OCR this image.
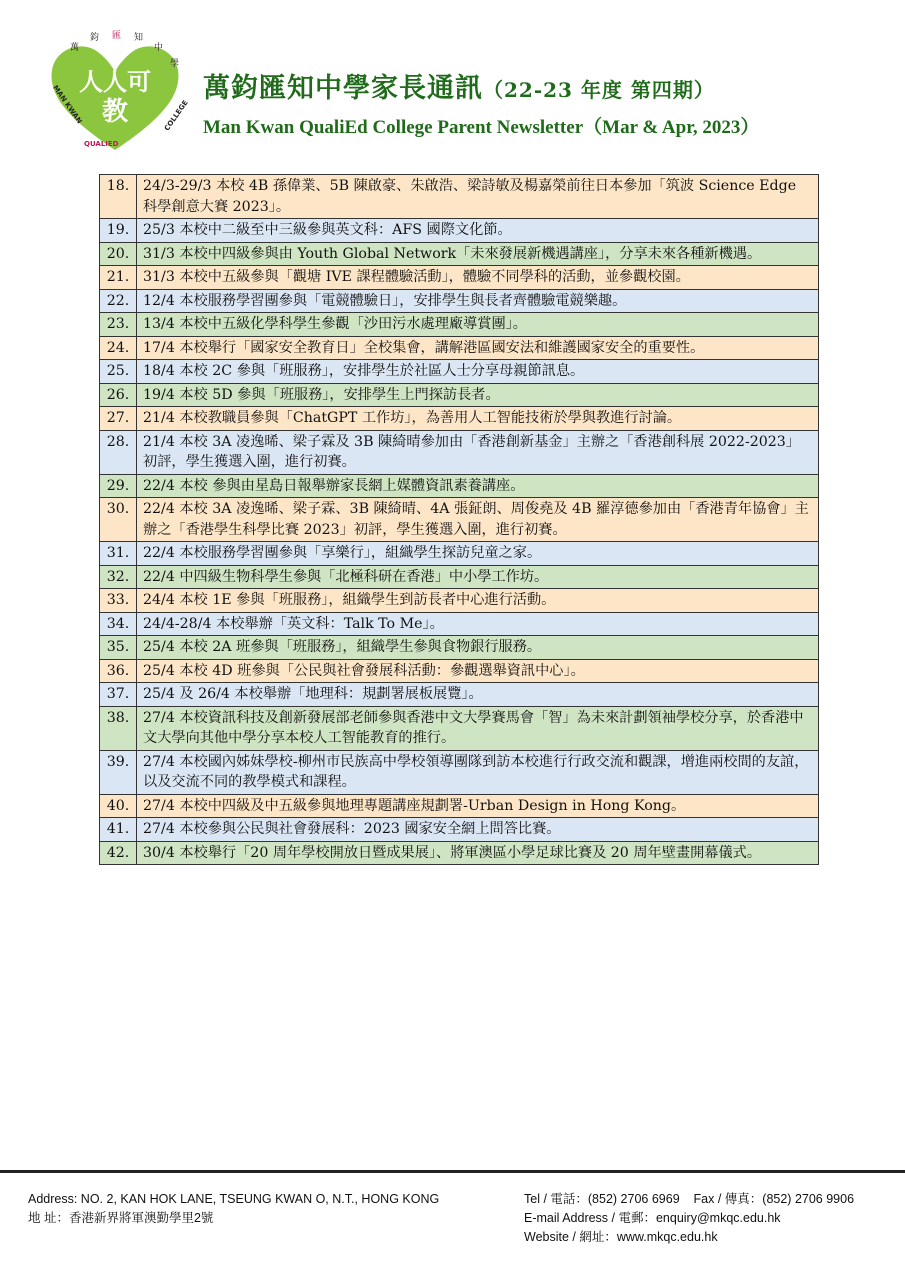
人人可
教
萬
鈞 匯 知
中
學
MAN KWAN
QUALIED
COLLEGE
萬鈞匯知中學家長通訊（22-23 年度 第四期）
Man Kwan QualiEd College Parent Newsletter（Mar & Apr, 2023）
18.	24/3-29/3 本校 4B 孫偉業、5B 陳啟豪、朱啟浩、梁詩敏及楊嘉榮前往日本參加「筑波 Science Edge 科學創意大賽 2023」。
19.	25/3 本校中二級至中三級參與英文科：AFS 國際文化節。
20.	31/3 本校中四級參與由 Youth Global Network「未來發展新機遇講座」，分享未來各種新機遇。
21.	31/3 本校中五級參與「觀塘 IVE 課程體驗活動」，體驗不同學科的活動，並參觀校園。
22.	12/4 本校服務學習團參與「電競體驗日」，安排學生與長者齊體驗電競樂趣。
23.	13/4 本校中五級化學科學生參觀「沙田污水處理廠導賞團」。
24.	17/4 本校舉行「國家安全教育日」全校集會，講解港區國安法和維護國家安全的重要性。
25.	18/4 本校 2C 參與「班服務」，安排學生於社區人士分享母親節訊息。
26.	19/4 本校 5D 參與「班服務」，安排學生上門探訪長者。
27.	21/4 本校教職員參與「ChatGPT 工作坊」，為善用人工智能技術於學與教進行討論。
28.	21/4 本校 3A 凌逸晞、梁子霖及 3B 陳綺晴參加由「香港創新基金」主辦之「香港創科展 2022-2023」初評，學生獲選入圍，進行初賽。
29.	22/4 本校 參與由星島日報舉辦家長網上媒體資訊素養講座。
30.	22/4 本校 3A 凌逸晞、梁子霖、3B 陳綺晴、4A 張鉦朗、周俊堯及 4B 羅淳德參加由「香港青年協會」主辦之「香港學生科學比賽 2023」初評，學生獲選入圍，進行初賽。
31.	22/4 本校服務學習團參與「享樂行」，組織學生探訪兒童之家。
32.	22/4 中四級生物科學生參與「北極科研在香港」中小學工作坊。
33.	24/4 本校 1E 參與「班服務」，組織學生到訪長者中心進行活動。
34.	24/4-28/4 本校舉辦「英文科：Talk To Me」。
35.	25/4 本校 2A 班參與「班服務」，組織學生參與食物銀行服務。
36.	25/4 本校 4D 班參與「公民與社會發展科活動：參觀選舉資訊中心」。
37.	25/4 及 26/4 本校舉辦「地理科：規劃署展板展覽」。
38.	27/4 本校資訊科技及創新發展部老師參與香港中文大學賽馬會「智」為未來計劃領袖學校分享，於香港中文大學向其他中學分享本校人工智能教育的推行。
39.	27/4 本校國內姊妹學校-柳州市民族高中學校領導團隊到訪本校進行行政交流和觀課，增進兩校間的友誼， 以及交流不同的教學模式和課程。
40.	27/4 本校中四級及中五級參與地理專題講座規劃署-Urban Design in Hong Kong。
41.	27/4 本校參與公民與社會發展科：2023 國家安全網上問答比賽。
42.	30/4 本校舉行「20 周年學校開放日暨成果展」、將軍澳區小學足球比賽及 20 周年壁畫開幕儀式。
Address: NO. 2, KAN HOK LANE, TSEUNG KWAN O, N.T., HONG KONG
地 址：香港新界將軍澳勤學里2號
Tel / 電話：(852) 2706 6969    Fax / 傳真：(852) 2706 9906
E-mail Address / 電郵：enquiry@mkqc.edu.hk
Website / 網址：www.mkqc.edu.hk
